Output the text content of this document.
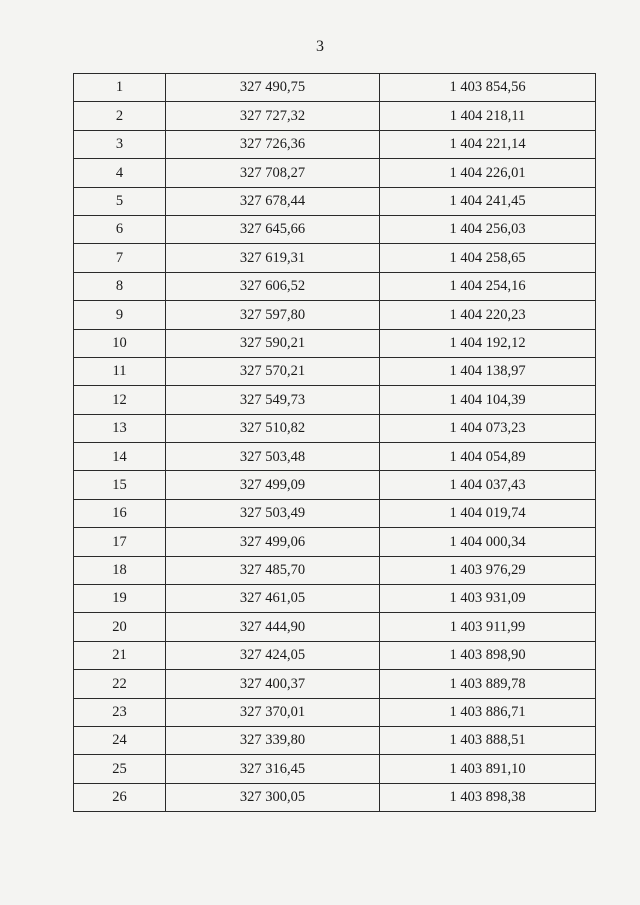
3
1	327 490,75	1 403 854,56
2	327 727,32	1 404 218,11
3	327 726,36	1 404 221,14
4	327 708,27	1 404 226,01
5	327 678,44	1 404 241,45
6	327 645,66	1 404 256,03
7	327 619,31	1 404 258,65
8	327 606,52	1 404 254,16
9	327 597,80	1 404 220,23
10	327 590,21	1 404 192,12
11	327 570,21	1 404 138,97
12	327 549,73	1 404 104,39
13	327 510,82	1 404 073,23
14	327 503,48	1 404 054,89
15	327 499,09	1 404 037,43
16	327 503,49	1 404 019,74
17	327 499,06	1 404 000,34
18	327 485,70	1 403 976,29
19	327 461,05	1 403 931,09
20	327 444,90	1 403 911,99
21	327 424,05	1 403 898,90
22	327 400,37	1 403 889,78
23	327 370,01	1 403 886,71
24	327 339,80	1 403 888,51
25	327 316,45	1 403 891,10
26	327 300,05	1 403 898,38
